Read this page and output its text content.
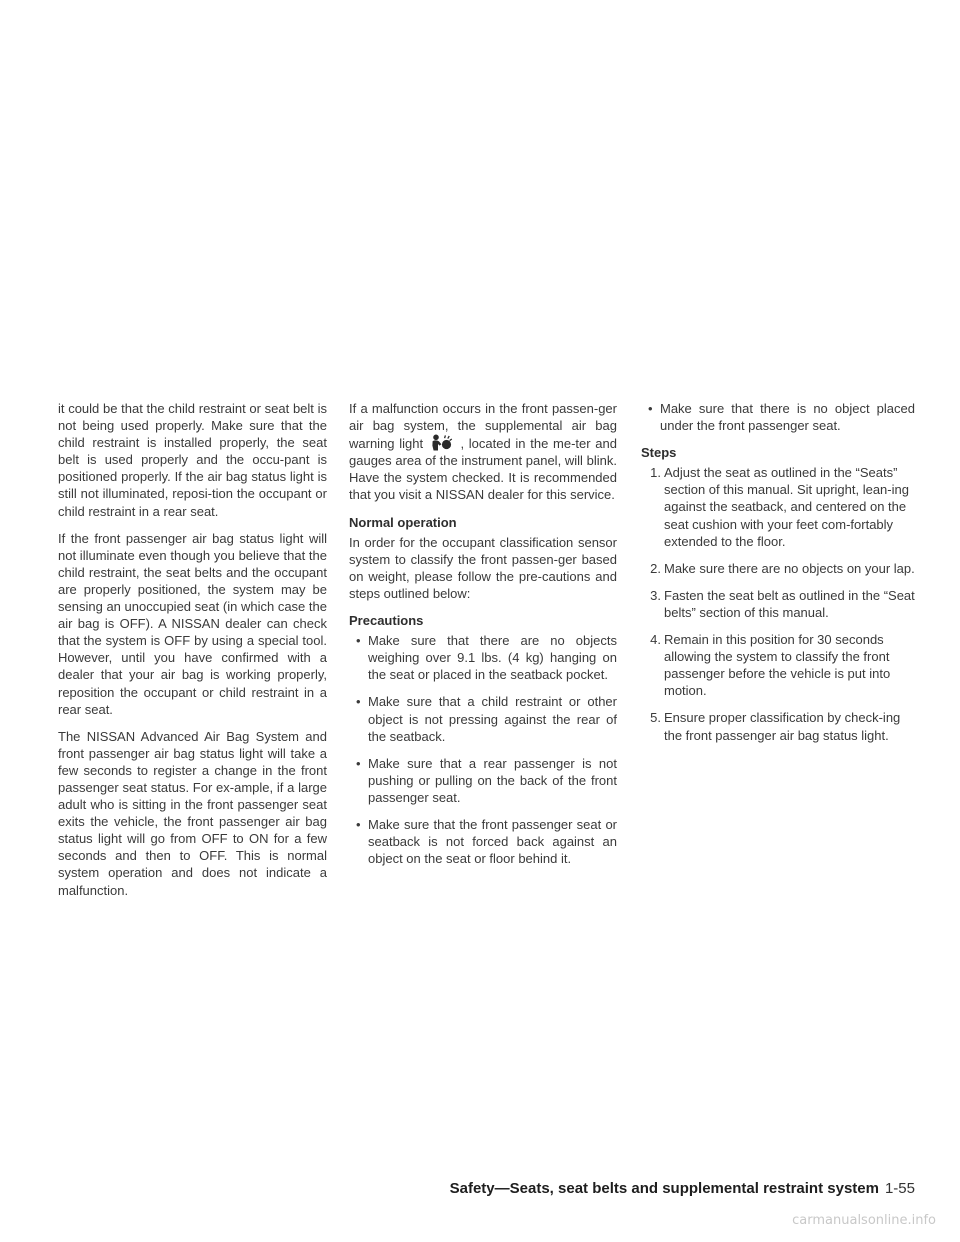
it could be that the child restraint or seat belt is not being used properly. Make sure that the child restraint is installed properly, the seat belt is used properly and the occu-pant is positioned properly. If the air bag status light is still not illuminated, reposi-tion the occupant or child restraint in a rear seat.

If the front passenger air bag status light will not illuminate even though you believe that the child restraint, the seat belts and the occupant are properly positioned, the system may be sensing an unoccupied seat (in which case the air bag is OFF). A NISSAN dealer can check that the system is OFF by using a special tool. However, until you have confirmed with a dealer that your air bag is working properly, reposition the occupant or child restraint in a rear seat.

The NISSAN Advanced Air Bag System and front passenger air bag status light will take a few seconds to register a change in the front passenger seat status. For ex-ample, if a large adult who is sitting in the front passenger seat exits the vehicle, the front passenger air bag status light will go from OFF to ON for a few seconds and then to OFF. This is normal system operation and does not indicate a malfunction.

If a malfunction occurs in the front passen-ger air bag system, the supplemental air bag warning light	, located in the me-ter and gauges area of the instrument panel, will blink. Have the system checked. It is recommended that you visit a NISSAN dealer for this service.

Normal operation

In order for the occupant classification sensor system to classify the front passen-ger based on weight, please follow the pre-cautions and steps outlined below:

Precautions
• Make sure that there are no objects weighing over 9.1 lbs. (4 kg) hanging on the seat or placed in the seatback pocket.
• Make sure that a child restraint or other object is not pressing against the rear of the seatback.
• Make sure that a rear passenger is not pushing or pulling on the back of the front passenger seat.
• Make sure that the front passenger seat or seatback is not forced back against an object on the seat or floor behind it.
• Make sure that there is no object placed under the front passenger seat.
Steps
1. Adjust the seat as outlined in the “Seats” section of this manual. Sit upright, lean-ing against the seatback, and centered on the seat cushion with your feet com-fortably extended to the floor.
2. Make sure there are no objects on your lap.
3. Fasten the seat belt as outlined in the “Seat belts” section of this manual.
4. Remain in this position for 30 seconds allowing the system to classify the front passenger before the vehicle is put into motion.
5. Ensure proper classification by check-ing the front passenger air bag status light.
Safety—Seats, seat belts and supplemental restraint system 1-55
carmanualsonline.info
